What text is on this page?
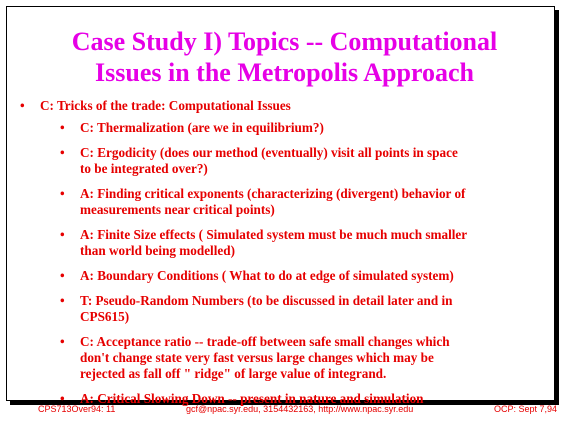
Case Study I) Topics -- Computational
Issues in the Metropolis Approach
• C: Tricks of the trade: Computational Issues
• C: Thermalization (are we in equilibrium?)
• C: Ergodicity (does our method (eventually) visit all points in space
to be integrated over?)
• A: Finding critical exponents (characterizing (divergent) behavior of
measurements near critical points)
• A: Finite Size effects ( Simulated system must be much much smaller
than world being modelled)
• A: Boundary Conditions ( What to do at edge of simulated system)
• T: Pseudo-Random Numbers (to be discussed in detail later and in
CPS615)
• C: Acceptance ratio -- trade-off between safe small changes which
don't change state very fast versus large changes which may be
rejected as fall off " ridge" of large value of integrand.
• A: Critical Slowing Down -- present in nature and simulation
CPS713Over94: 11	gcf@npac.syr.edu, 3154432163, http://www.npac.syr.edu	OCP: Sept 7,94
